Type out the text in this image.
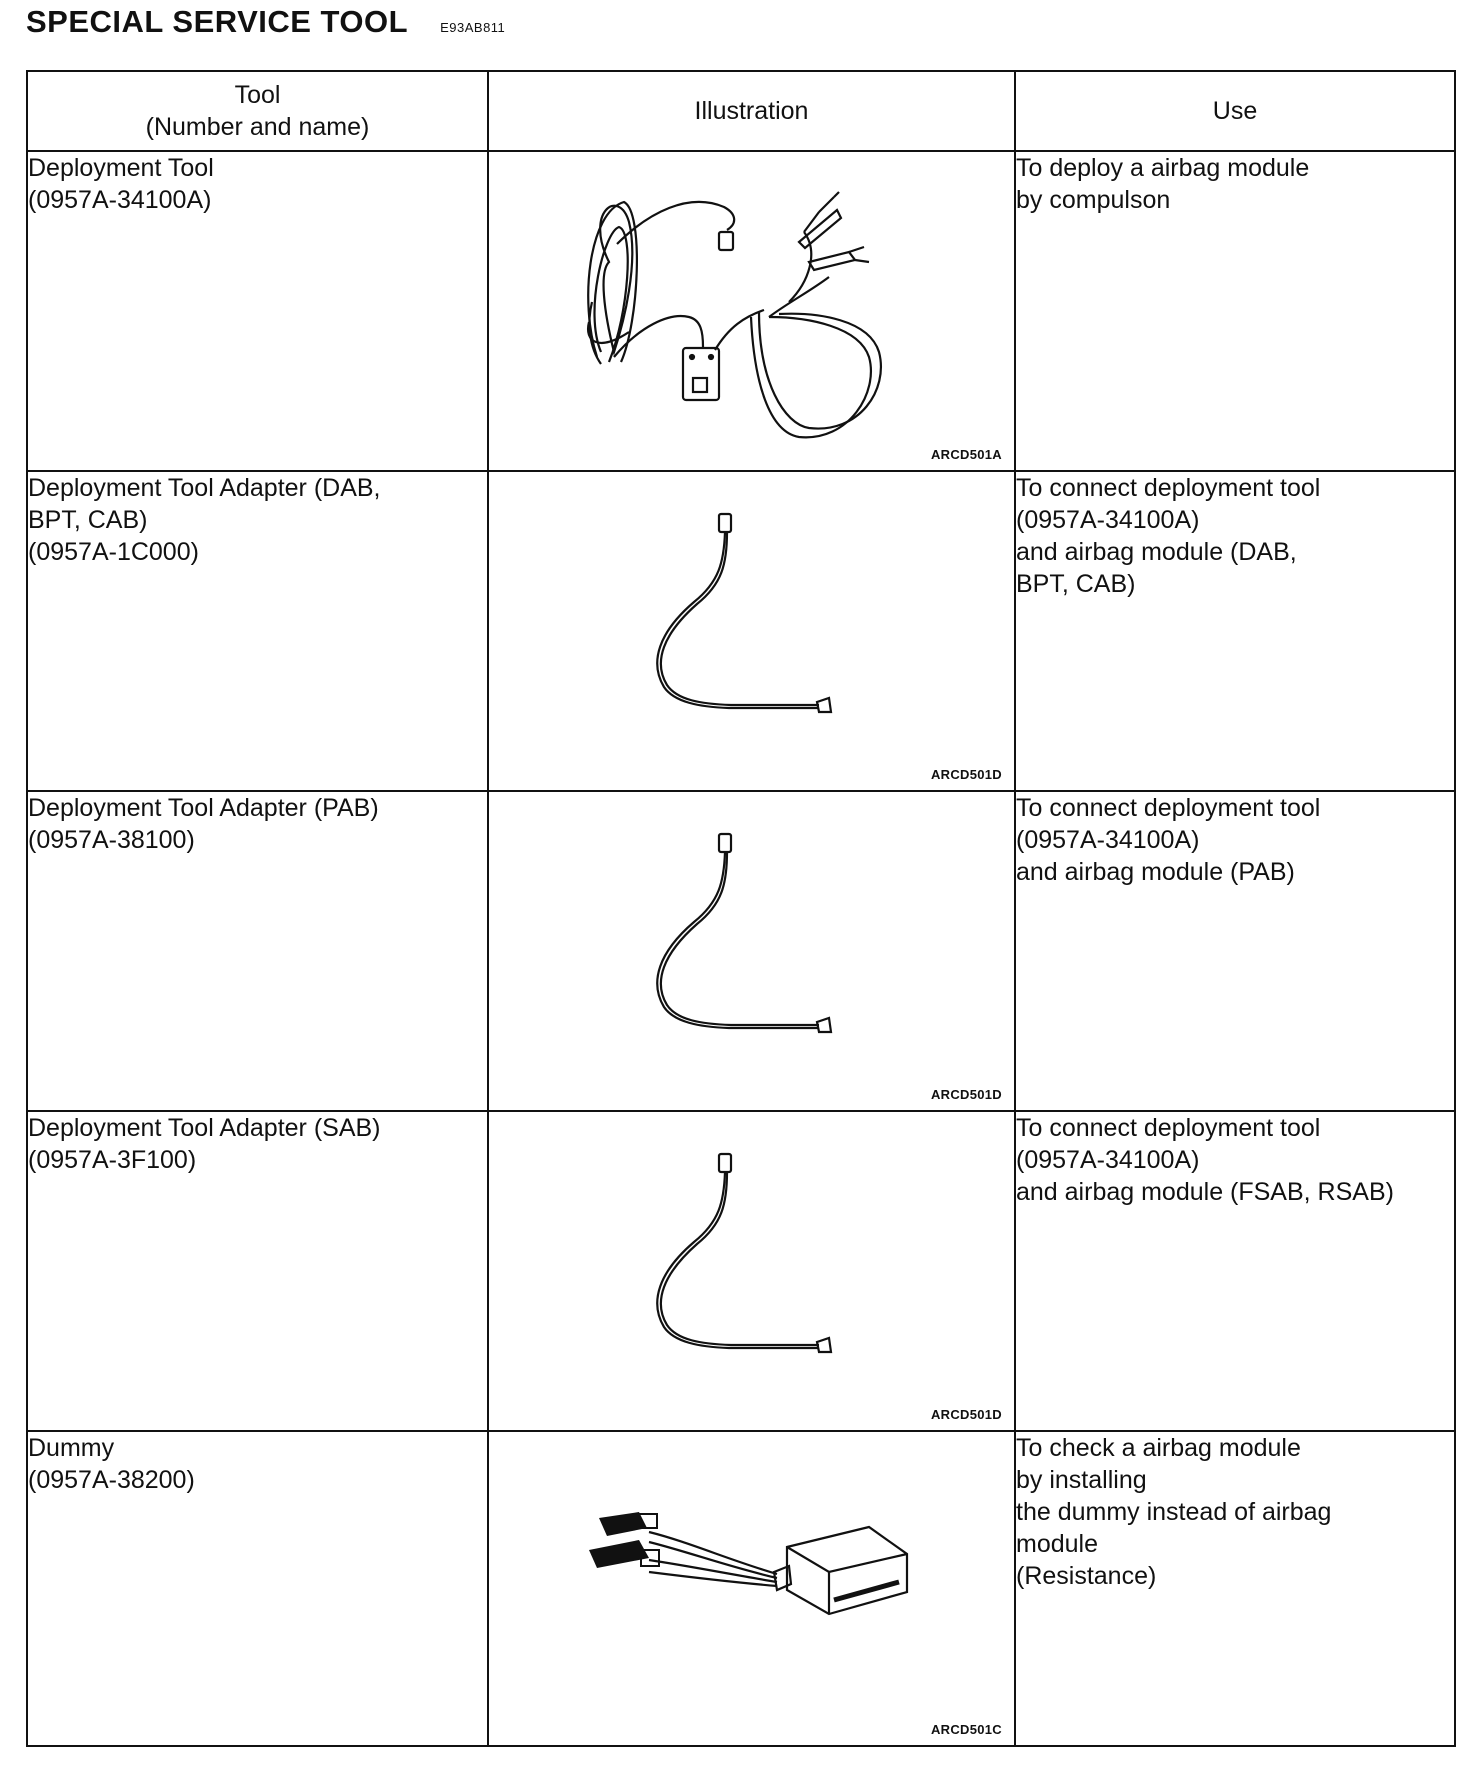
SPECIAL SERVICE TOOL E93AB811
Tool
(Number and name)	Illustration	Use

Deployment Tool
(0957A-34100A)	ARCD501A	To deploy a airbag module
by compulson

Deployment Tool Adapter (DAB,
BPT, CAB)
(0957A-1C000)	ARCD501D	To connect deployment tool
(0957A-34100A)
and airbag module (DAB,
BPT, CAB)

Deployment Tool Adapter (PAB)
(0957A-38100)	ARCD501D	To connect deployment tool
(0957A-34100A)
and airbag module (PAB)

Deployment Tool Adapter (SAB)
(0957A-3F100)	ARCD501D	To connect deployment tool
(0957A-34100A)
and airbag module (FSAB, RSAB)

Dummy
(0957A-38200)	ARCD501C	To check a airbag module
by installing
the dummy instead of airbag
module
(Resistance)
